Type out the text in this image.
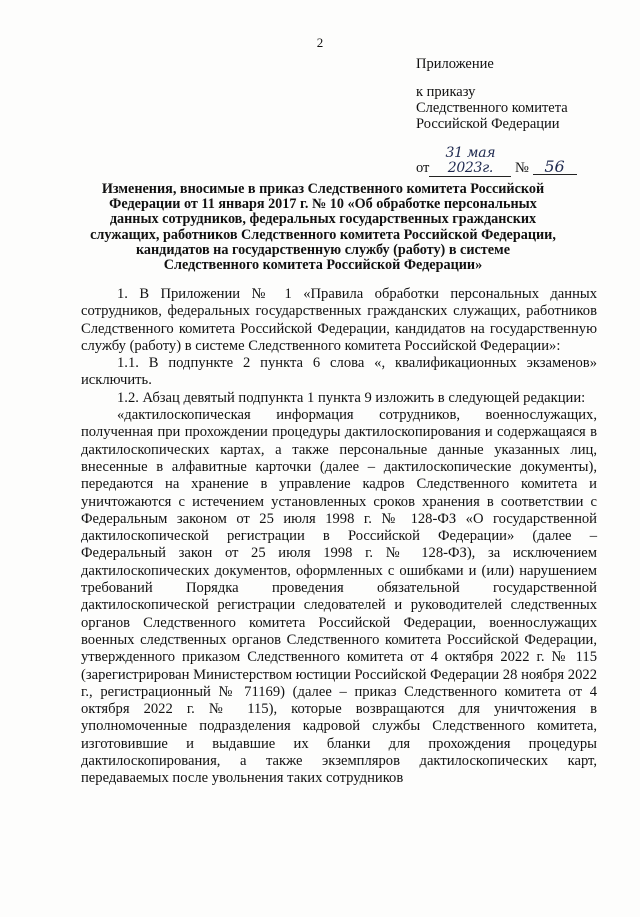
2
Приложение
к приказу
Следственного комитета
Российской Федерации
от31 мая 2023г. № 56
Изменения, вносимые в приказ Следственного комитета Российской Федерации от 11 января 2017 г. № 10 «Об обработке персональных данных сотрудников, федеральных государственных гражданских служащих, работников Следственного комитета Российской Федерации, кандидатов на государственную службу (работу) в системе Следственного комитета Российской Федерации»

1. В Приложении № 1 «Правила обработки персональных данных сотрудников, федеральных государственных гражданских служащих, работников Следственного комитета Российской Федерации, кандидатов на государственную службу (работу) в системе Следственного комитета Российской Федерации»:

1.1. В подпункте 2 пункта 6 слова «, квалификационных экзаменов» исключить.

1.2. Абзац девятый подпункта 1 пункта 9 изложить в следующей редакции:

«дактилоскопическая информация сотрудников, военнослужащих, полученная при прохождении процедуры дактилоскопирования и содержащаяся в дактилоскопических картах, а также персональные данные указанных лиц, внесенные в алфавитные карточки (далее – дактилоскопические документы), передаются на хранение в управление кадров Следственного комитета и уничтожаются с истечением установленных сроков хранения в соответствии с Федеральным законом от 25 июля 1998 г. № 128-ФЗ «О государственной дактилоскопической регистрации в Российской Федерации» (далее – Федеральный закон от 25 июля 1998 г. № 128-ФЗ), за исключением дактилоскопических документов, оформленных с ошибками и (или) нарушением требований Порядка проведения обязательной государственной дактилоскопической регистрации следователей и руководителей следственных органов Следственного комитета Российской Федерации, военнослужащих военных следственных органов Следственного комитета Российской Федерации, утвержденного приказом Следственного комитета от 4 октября 2022 г. № 115 (зарегистрирован Министерством юстиции Российской Федерации 28 ноября 2022 г., регистрационный № 71169) (далее – приказ Следственного комитета от 4 октября 2022 г. № 115), которые возвращаются для уничтожения в уполномоченные подразделения кадровой службы Следственного комитета, изготовившие и выдавшие их бланки для прохождения процедуры дактилоскопирования, а также экземпляров дактилоскопических карт, передаваемых после увольнения таких сотрудников
